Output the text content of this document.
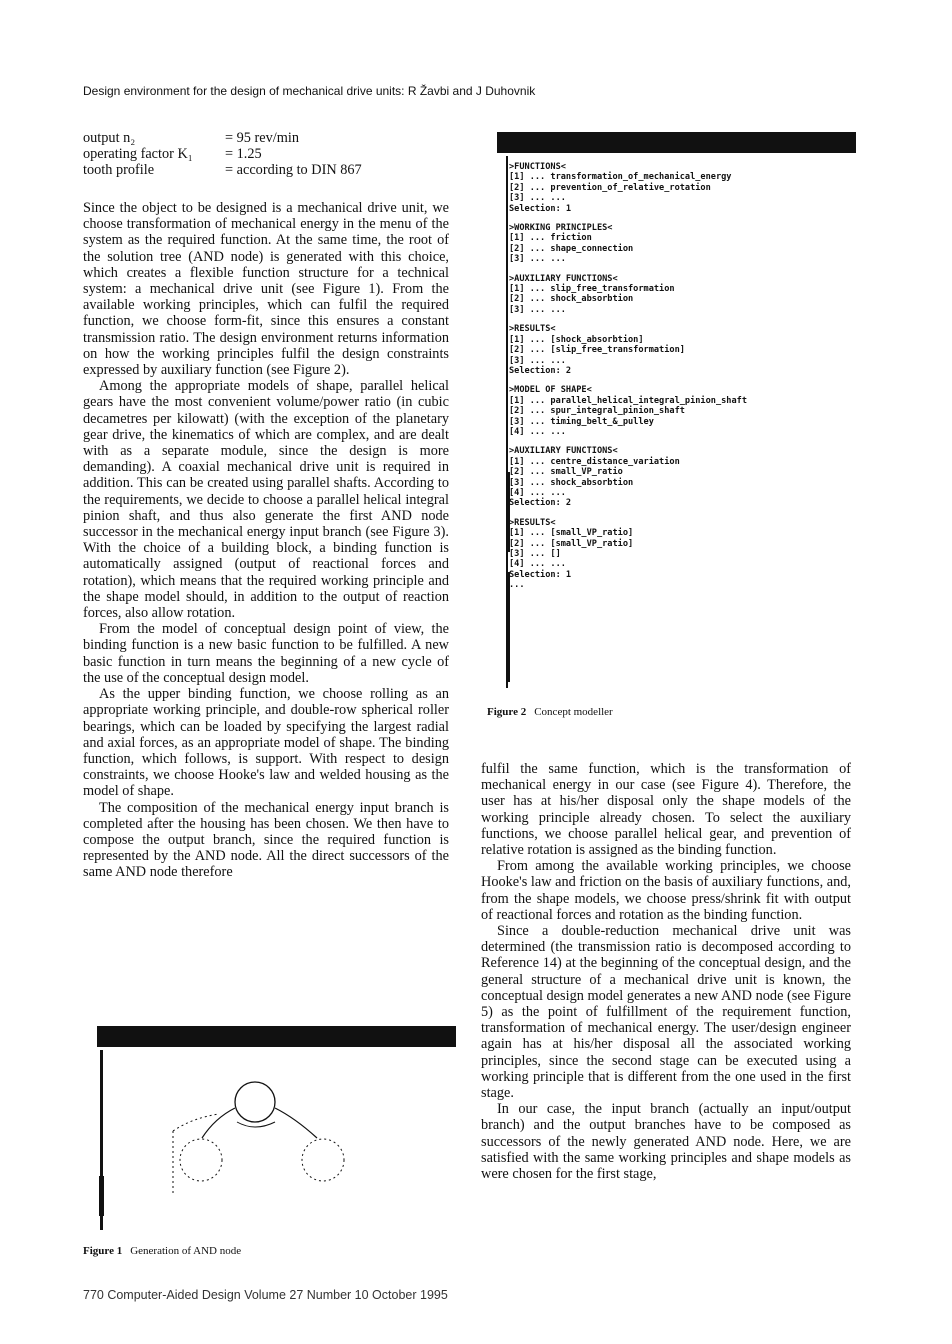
Design environment for the design of mechanical drive units: R Žavbi and J Duhovnik
output n₂	= 95 rev/min
operating factor K₁	= 1.25
tooth profile	= according to DIN 867

Since the object to be designed is a mechanical drive unit, we choose transformation of mechanical energy in the menu of the system as the required function. At the same time, the root of the solution tree (AND node) is generated with this choice, which creates a flexible function structure for a technical system: a mechanical drive unit (see Figure 1). From the available working principles, which can fulfil the required function, we choose form-fit, since this ensures a constant transmission ratio. The design environment returns information on how the working principles fulfil the design constraints expressed by auxiliary function (see Figure 2).

Among the appropriate models of shape, parallel helical gears have the most convenient volume/power ratio (in cubic decametres per kilowatt) (with the exception of the planetary gear drive, the kinematics of which are complex, and are dealt with as a separate module, since the design is more demanding). A coaxial mechanical drive unit is required in addition. This can be created using parallel shafts. According to the requirements, we decide to choose a parallel helical integral pinion shaft, and thus also generate the first AND node successor in the mechanical energy input branch (see Figure 3). With the choice of a building block, a binding function is automatically assigned (output of reactional forces and rotation), which means that the required working principle and the shape model should, in addition to the output of reaction forces, also allow rotation.

From the model of conceptual design point of view, the binding function is a new basic function to be fulfilled. A new basic function in turn means the beginning of a new cycle of the use of the conceptual design model.

As the upper binding function, we choose rolling as an appropriate working principle, and double-row spherical roller bearings, which can be loaded by specifying the largest radial and axial forces, as an appropriate model of shape. The binding function, which follows, is support. With respect to design constraints, we choose Hooke's law and welded housing as the model of shape.

The composition of the mechanical energy input branch is completed after the housing has been chosen. We then have to compose the output branch, since the required function is represented by the AND node. All the direct successors of the same AND node therefore

>FUNCTIONS<
[1] ... transformation_of_mechanical_energy
[2] ... prevention_of_relative_rotation
[3] ... ...
Selection: 1
>WORKING PRINCIPLES<
[1] ... friction
[2] ... shape_connection
[3] ... ...
>AUXILIARY FUNCTIONS<
[1] ... slip_free_transformation
[2] ... shock_absorbtion
[3] ... ...
>RESULTS<
[1] ... [shock_absorbtion]
[2] ... [slip_free_transformation]
[3] ... ...
Selection: 2
>MODEL OF SHAPE<
[1] ... parallel_helical_integral_pinion_shaft
[2] ... spur_integral_pinion_shaft
[3] ... timing_belt_&_pulley
[4] ... ...
>AUXILIARY FUNCTIONS<
[1] ... centre_distance_variation
[2] ... small_VP_ratio
[3] ... shock_absorbtion
[4] ... ...
Selection: 2
>RESULTS<
[1] ... [small_VP_ratio]
[2] ... [small_VP_ratio]
[3] ... []
[4] ... ...
Selection: 1
...
Figure 2 Concept modeller

fulfil the same function, which is the transformation of mechanical energy in our case (see Figure 4). Therefore, the user has at his/her disposal only the shape models of the working principle already chosen. To select the auxiliary functions, we choose parallel helical gear, and prevention of relative rotation is assigned as the binding function.

From among the available working principles, we choose Hooke's law and friction on the basis of auxiliary functions, and, from the shape models, we choose press/shrink fit with output of reactional forces and rotation as the binding function.

Since a double-reduction mechanical drive unit was determined (the transmission ratio is decomposed according to Reference 14) at the beginning of the conceptual design, and the general structure of a mechanical drive unit is known, the conceptual design model generates a new AND node (see Figure 5) as the point of fulfillment of the requirement function, transformation of mechanical energy. The user/design engineer again has at his/her disposal all the associated working principles, since the second stage can be executed using a working principle that is different from the one used in the first stage.

In our case, the input branch (actually an input/output branch) and the output branches have to be composed as successors of the newly generated AND node. Here, we are satisfied with the same working principles and shape models as were chosen for the first stage,

Figure 1 Generation of AND node
770 Computer-Aided Design Volume 27 Number 10 October 1995
